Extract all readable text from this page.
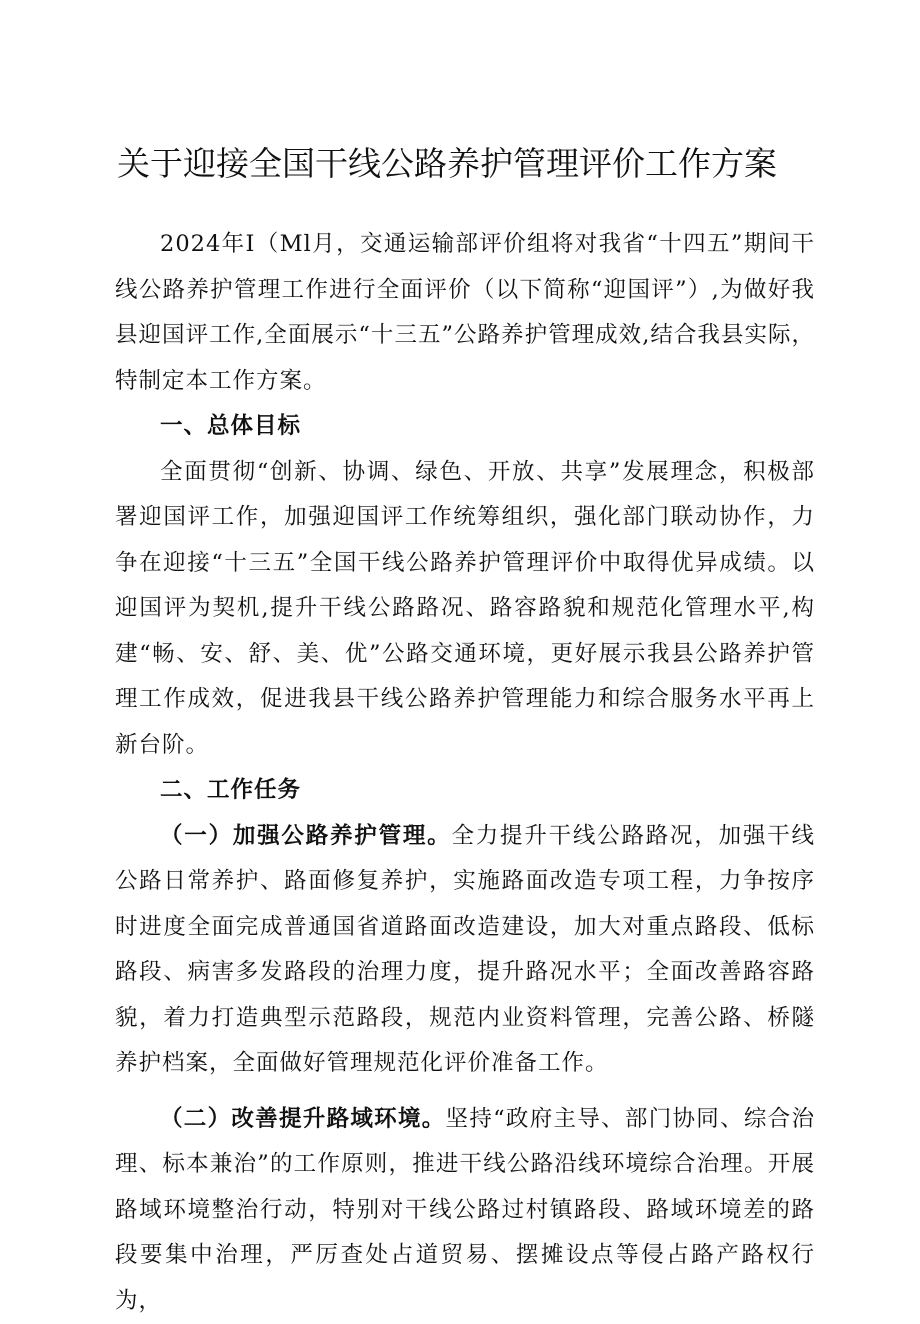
关于迎接全国干线公路养护管理评价工作方案

2024年I（Ml月，交通运输部评价组将对我省“十四五”期间干线公路养护管理工作进行全面评价（以下简称“迎国评”）,为做好我县迎国评工作,全面展示“十三五”公路养护管理成效,结合我县实际，特制定本工作方案。

一、总体目标

全面贯彻“创新、协调、绿色、开放、共享”发展理念，积极部署迎国评工作，加强迎国评工作统筹组织，强化部门联动协作，力争在迎接“十三五”全国干线公路养护管理评价中取得优异成绩。以迎国评为契机,提升干线公路路况、路容路貌和规范化管理水平,构建“畅、安、舒、美、优”公路交通环境，更好展示我县公路养护管理工作成效，促进我县干线公路养护管理能力和综合服务水平再上新台阶。

二、工作任务

（一）加强公路养护管理。全力提升干线公路路况，加强干线公路日常养护、路面修复养护，实施路面改造专项工程，力争按序时进度全面完成普通国省道路面改造建设，加大对重点路段、低标路段、病害多发路段的治理力度，提升路况水平；全面改善路容路貌，着力打造典型示范路段，规范内业资料管理，完善公路、桥隧养护档案，全面做好管理规范化评价准备工作。

（二）改善提升路域环境。坚持“政府主导、部门协同、综合治理、标本兼治”的工作原则，推进干线公路沿线环境综合治理。开展路域环境整治行动，特别对干线公路过村镇路段、路域环境差的路段要集中治理，严厉查处占道贸易、摆摊设点等侵占路产路权行为，
